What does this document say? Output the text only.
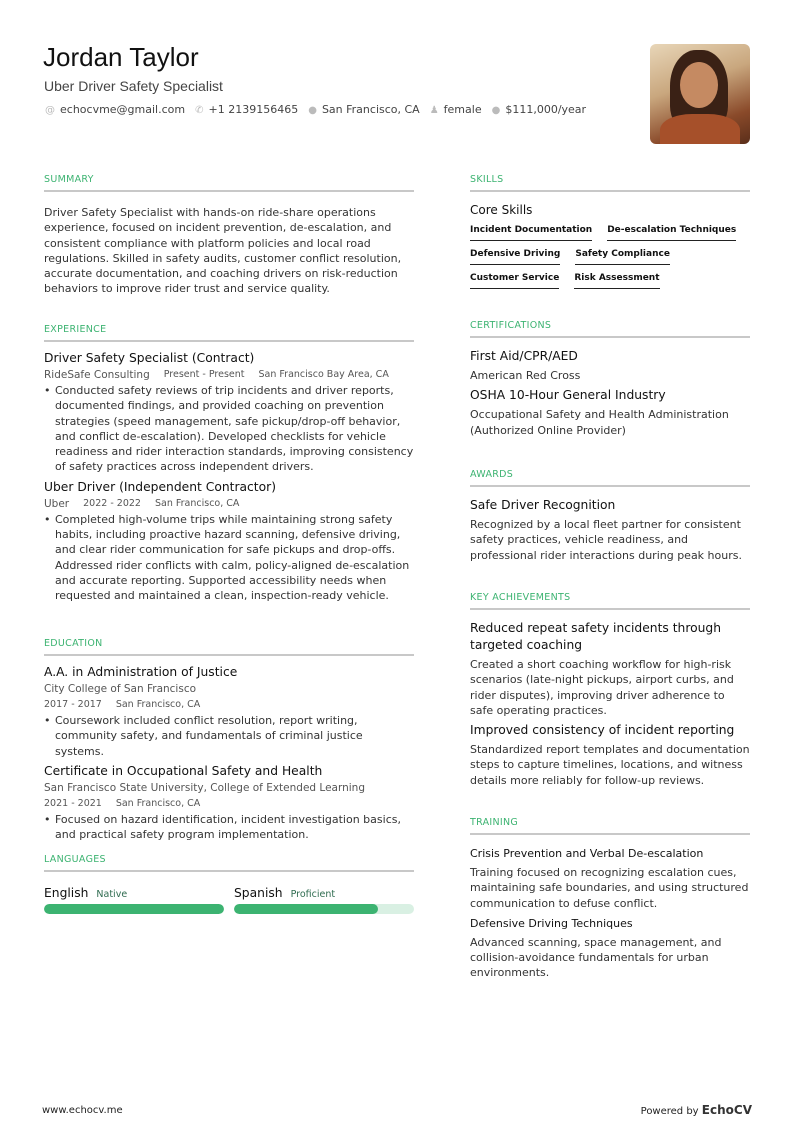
Jordan Taylor
Uber Driver Safety Specialist
@ echocvme@gmail.com ✆ +1 2139156465 ● San Francisco, CA ♟ female ● $111,000/year
SUMMARY
Driver Safety Specialist with hands-on ride-share operations experience, focused on incident prevention, de-escalation, and consistent compliance with platform policies and local road regulations. Skilled in safety audits, customer conflict resolution, accurate documentation, and coaching drivers on risk-reduction behaviors to improve rider trust and service quality.
EXPERIENCE
Driver Safety Specialist (Contract)
RideSafe Consulting Present - Present San Francisco Bay Area, CA
• Conducted safety reviews of trip incidents and driver reports, documented findings, and provided coaching on prevention strategies (speed management, safe pickup/drop-off behavior, and conflict de-escalation). Developed checklists for vehicle readiness and rider interaction standards, improving consistency of safety practices across independent drivers.
Uber Driver (Independent Contractor)
Uber 2022 - 2022 San Francisco, CA
• Completed high-volume trips while maintaining strong safety habits, including proactive hazard scanning, defensive driving, and clear rider communication for safe pickups and drop-offs. Addressed rider conflicts with calm, policy-aligned de-escalation and accurate reporting. Supported accessibility needs when requested and maintained a clean, inspection-ready vehicle.
EDUCATION
A.A. in Administration of Justice
City College of San Francisco
2017 - 2017 San Francisco, CA
• Coursework included conflict resolution, report writing, community safety, and fundamentals of criminal justice systems.
Certificate in Occupational Safety and Health
San Francisco State University, College of Extended Learning
2021 - 2021 San Francisco, CA
• Focused on hazard identification, incident investigation basics, and practical safety program implementation.
LANGUAGES
English Native	Spanish Proficient
SKILLS
Core Skills
Incident Documentation De-escalation Techniques
Defensive Driving Safety Compliance
Customer Service Risk Assessment
CERTIFICATIONS
First Aid/CPR/AED
American Red Cross
OSHA 10-Hour General Industry
Occupational Safety and Health Administration (Authorized Online Provider)
AWARDS
Safe Driver Recognition
Recognized by a local fleet partner for consistent safety practices, vehicle readiness, and professional rider interactions during peak hours.
KEY ACHIEVEMENTS
Reduced repeat safety incidents through targeted coaching
Created a short coaching workflow for high-risk scenarios (late-night pickups, airport curbs, and rider disputes), improving driver adherence to safe operating practices.
Improved consistency of incident reporting
Standardized report templates and documentation steps to capture timelines, locations, and witness details more reliably for follow-up reviews.
TRAINING
Crisis Prevention and Verbal De-escalation
Training focused on recognizing escalation cues, maintaining safe boundaries, and using structured communication to defuse conflict.
Defensive Driving Techniques
Advanced scanning, space management, and collision-avoidance fundamentals for urban environments.
www.echocv.me	Powered by EchoCV
